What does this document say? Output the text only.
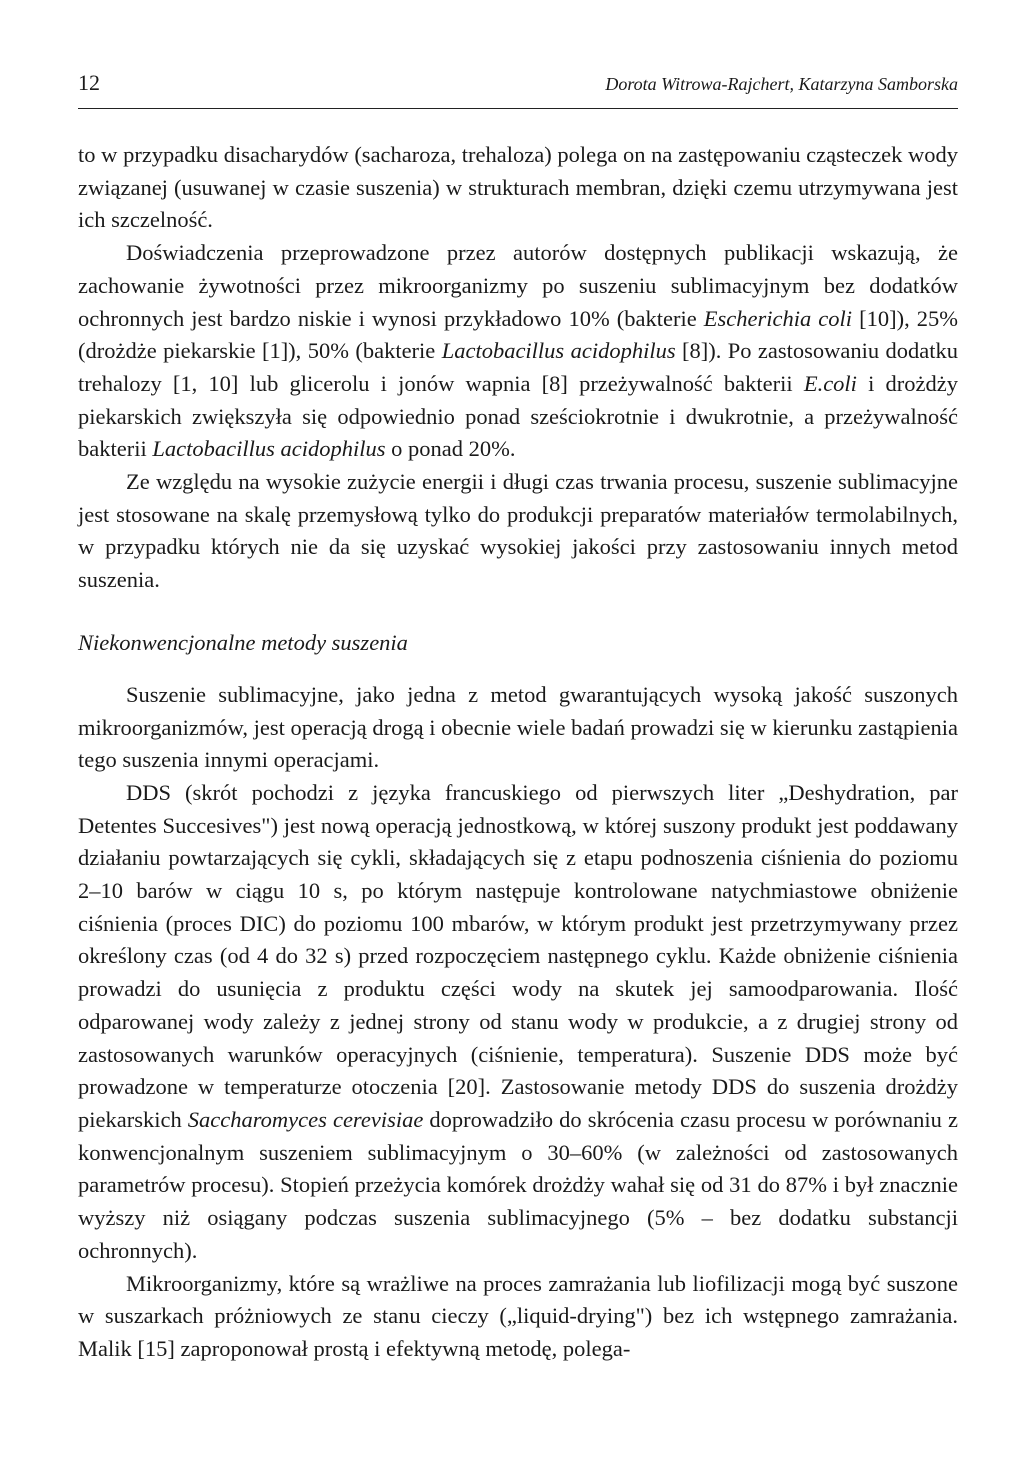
12	Dorota Witrowa-Rajchert, Katarzyna Samborska

to w przypadku disacharydów (sacharoza, trehaloza) polega on na zastępowaniu cząsteczek wody związanej (usuwanej w czasie suszenia) w strukturach membran, dzięki czemu utrzymywana jest ich szczelność.

Doświadczenia przeprowadzone przez autorów dostępnych publikacji wskazują, że zachowanie żywotności przez mikroorganizmy po suszeniu sublimacyjnym bez dodatków ochronnych jest bardzo niskie i wynosi przykładowo 10% (bakterie Escherichia coli [10]), 25% (drożdże piekarskie [1]), 50% (bakterie Lactobacillus acidophilus [8]). Po zastosowaniu dodatku trehalozy [1, 10] lub glicerolu i jonów wapnia [8] przeżywalność bakterii E.coli i drożdży piekarskich zwiększyła się odpowiednio ponad sześciokrotnie i dwukrotnie, a przeżywalność bakterii Lactobacillus acidophilus o ponad 20%.

Ze względu na wysokie zużycie energii i długi czas trwania procesu, suszenie sublimacyjne jest stosowane na skalę przemysłową tylko do produkcji preparatów materiałów termolabilnych, w przypadku których nie da się uzyskać wysokiej jakości przy zastosowaniu innych metod suszenia.

Niekonwencjonalne metody suszenia

Suszenie sublimacyjne, jako jedna z metod gwarantujących wysoką jakość suszonych mikroorganizmów, jest operacją drogą i obecnie wiele badań prowadzi się w kierunku zastąpienia tego suszenia innymi operacjami.

DDS (skrót pochodzi z języka francuskiego od pierwszych liter „Deshydration, par Detentes Succesives") jest nową operacją jednostkową, w której suszony produkt jest poddawany działaniu powtarzających się cykli, składających się z etapu podnoszenia ciśnienia do poziomu 2–10 barów w ciągu 10 s, po którym następuje kontrolowane natychmiastowe obniżenie ciśnienia (proces DIC) do poziomu 100 mbarów, w którym produkt jest przetrzymywany przez określony czas (od 4 do 32 s) przed rozpoczęciem następnego cyklu. Każde obniżenie ciśnienia prowadzi do usunięcia z produktu części wody na skutek jej samoodparowania. Ilość odparowanej wody zależy z jednej strony od stanu wody w produkcie, a z drugiej strony od zastosowanych warunków operacyjnych (ciśnienie, temperatura). Suszenie DDS może być prowadzone w temperaturze otoczenia [20]. Zastosowanie metody DDS do suszenia drożdży piekarskich Saccharomyces cerevisiae doprowadziło do skrócenia czasu procesu w porównaniu z konwencjonalnym suszeniem sublimacyjnym o 30–60% (w zależności od zastosowanych parametrów procesu). Stopień przeżycia komórek drożdży wahał się od 31 do 87% i był znacznie wyższy niż osiągany podczas suszenia sublimacyjnego (5% – bez dodatku substancji ochronnych).

Mikroorganizmy, które są wrażliwe na proces zamrażania lub liofilizacji mogą być suszone w suszarkach próżniowych ze stanu cieczy („liquid-drying") bez ich wstępnego zamrażania. Malik [15] zaproponował prostą i efektywną metodę, polega-
